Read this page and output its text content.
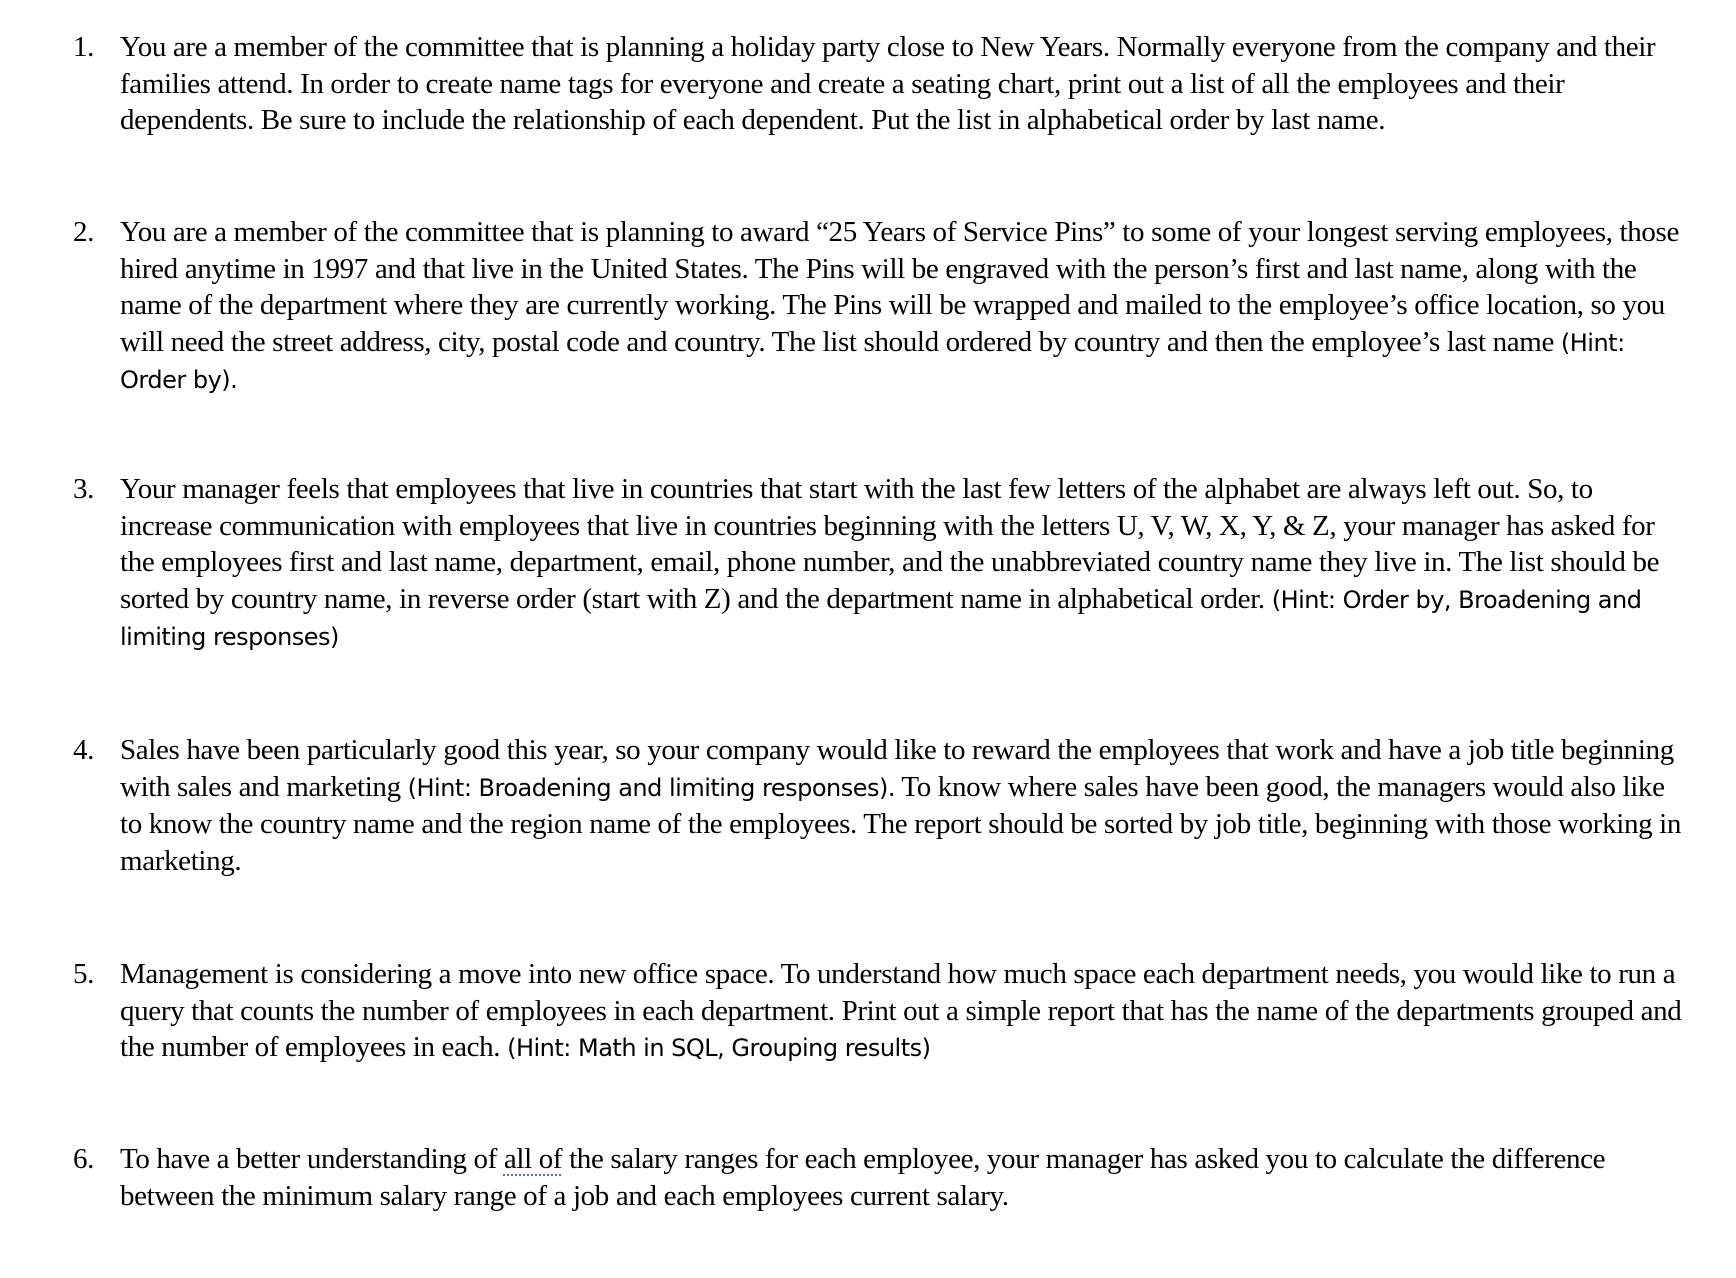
1. You are a member of the committee that is planning a holiday party close to New Years. Normally everyone from the company and their families attend. In order to create name tags for everyone and create a seating chart, print out a list of all the employees and their dependents. Be sure to include the relationship of each dependent. Put the list in alphabetical order by last name.
2. You are a member of the committee that is planning to award “25 Years of Service Pins” to some of your longest serving employees, those hired anytime in 1997 and that live in the United States. The Pins will be engraved with the person’s first and last name, along with the name of the department where they are currently working. The Pins will be wrapped and mailed to the employee’s office location, so you will need the street address, city, postal code and country. The list should ordered by country and then the employee’s last name (Hint: Order by).
3. Your manager feels that employees that live in countries that start with the last few letters of the alphabet are always left out. So, to increase communication with employees that live in countries beginning with the letters U, V, W, X, Y, & Z, your manager has asked for the employees first and last name, department, email, phone number, and the unabbreviated country name they live in. The list should be sorted by country name, in reverse order (start with Z) and the department name in alphabetical order. (Hint: Order by, Broadening and limiting responses)
4. Sales have been particularly good this year, so your company would like to reward the employees that work and have a job title beginning with sales and marketing (Hint: Broadening and limiting responses). To know where sales have been good, the managers would also like to know the country name and the region name of the employees. The report should be sorted by job title, beginning with those working in marketing.
5. Management is considering a move into new office space. To understand how much space each department needs, you would like to run a query that counts the number of employees in each department. Print out a simple report that has the name of the departments grouped and the number of employees in each. (Hint: Math in SQL, Grouping results)
6. To have a better understanding of all of the salary ranges for each employee, your manager has asked you to calculate the difference between the minimum salary range of a job and each employees current salary.
